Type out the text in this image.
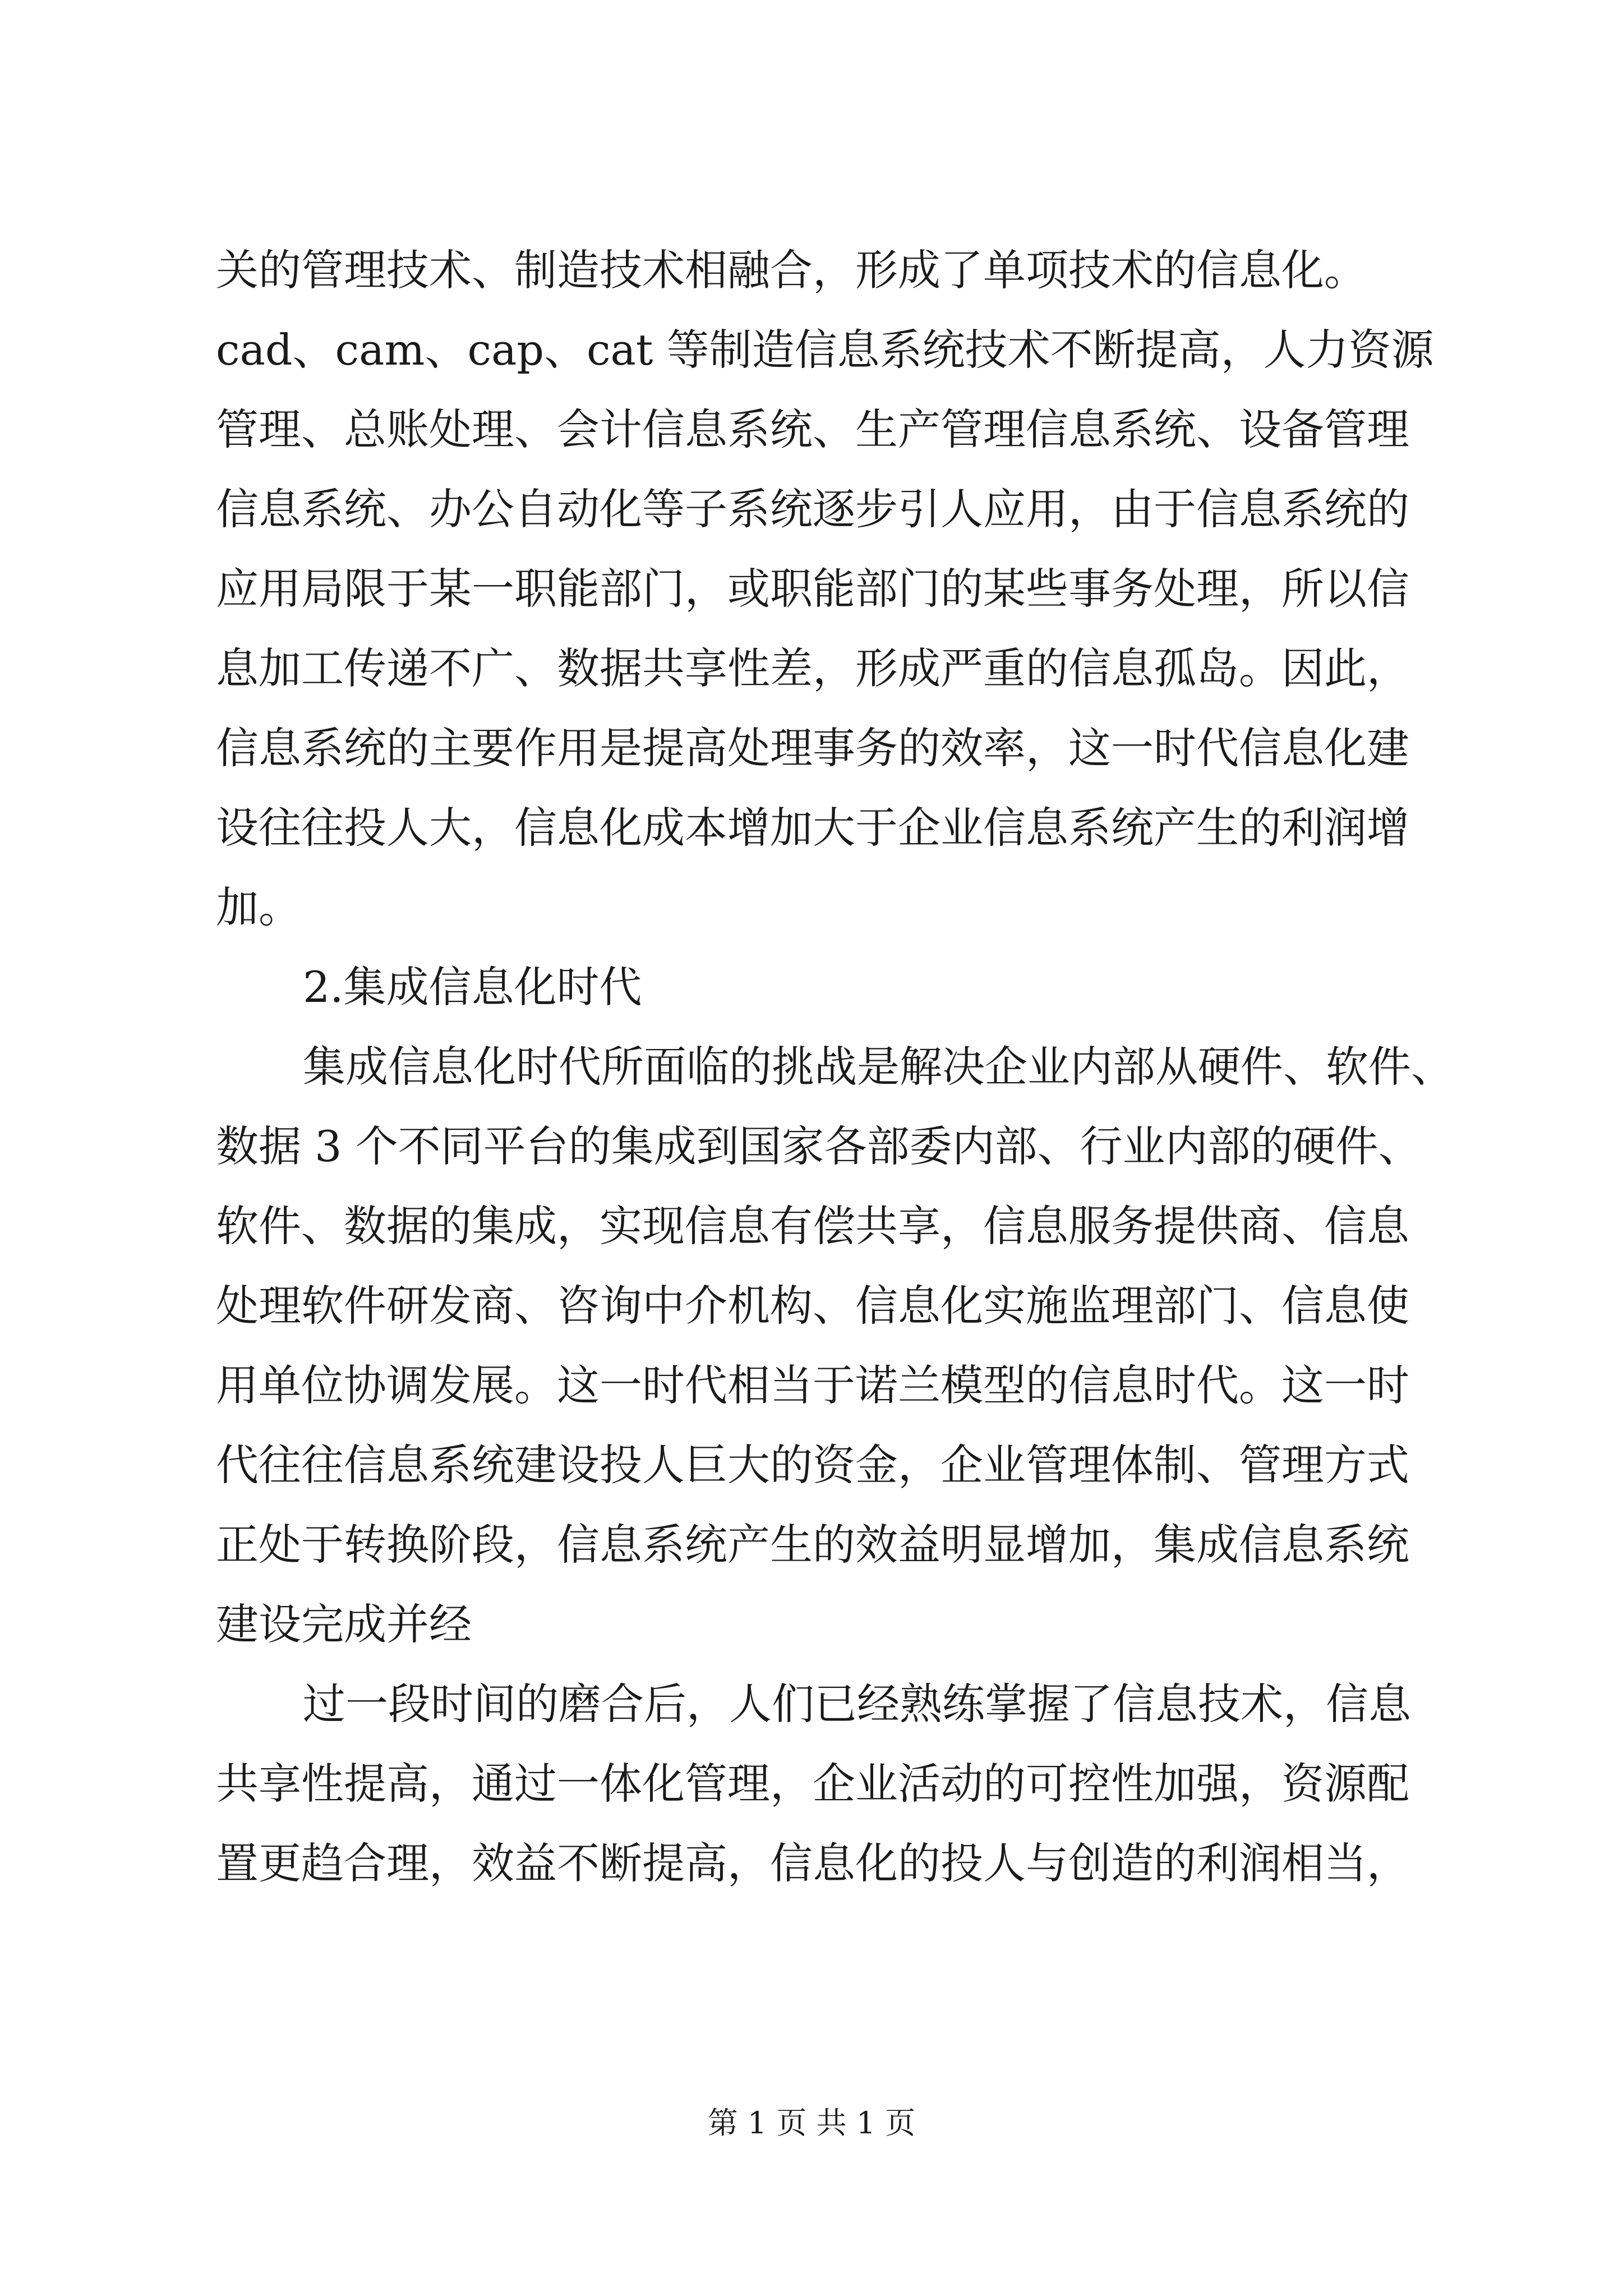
关的管理技术、制造技术相融合，形成了单项技术的信息化。
cad、cam、cap、cat 等制造信息系统技术不断提高，人力资源
管理、总账处理、会计信息系统、生产管理信息系统、设备管理
信息系统、办公自动化等子系统逐步引人应用，由于信息系统的
应用局限于某一职能部门，或职能部门的某些事务处理，所以信
息加工传递不广、数据共享性差，形成严重的信息孤岛。因此，
信息系统的主要作用是提高处理事务的效率，这一时代信息化建
设往往投人大，信息化成本增加大于企业信息系统产生的利润增
加。
2.集成信息化时代
集成信息化时代所面临的挑战是解决企业内部从硬件、软件、
数据 3 个不同平台的集成到国家各部委内部、行业内部的硬件、
软件、数据的集成，实现信息有偿共享，信息服务提供商、信息
处理软件研发商、咨询中介机构、信息化实施监理部门、信息使
用单位协调发展。这一时代相当于诺兰模型的信息时代。这一时
代往往信息系统建设投人巨大的资金，企业管理体制、管理方式
正处于转换阶段，信息系统产生的效益明显增加，集成信息系统
建设完成并经
过一段时间的磨合后，人们已经熟练掌握了信息技术，信息
共享性提高，通过一体化管理，企业活动的可控性加强，资源配
置更趋合理，效益不断提高，信息化的投人与创造的利润相当，
第 1 页 共 1 页
